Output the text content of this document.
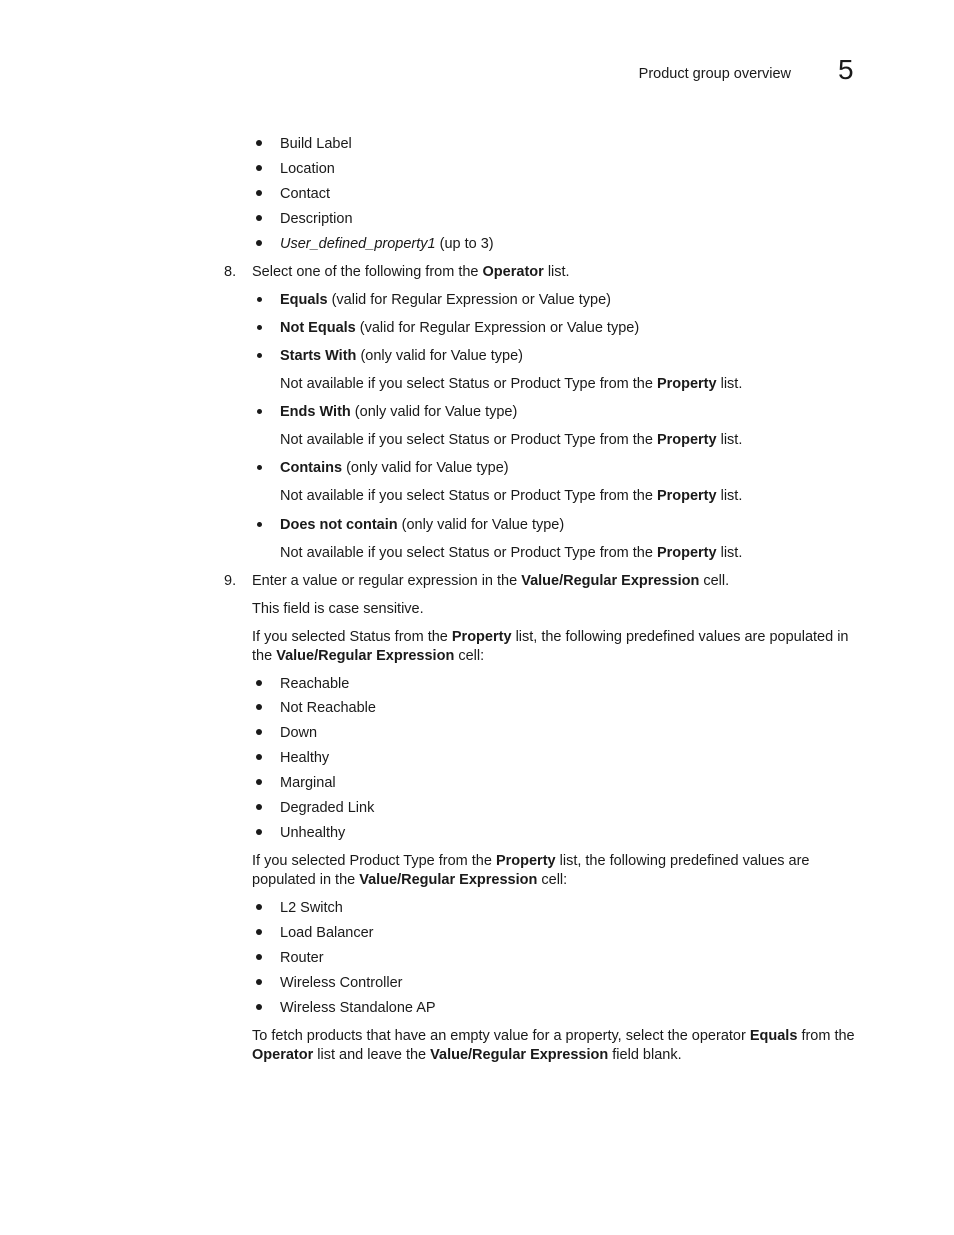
Product group overview 5
Build Label
Location
Contact
Description
User_defined_property1 (up to 3)
8. Select one of the following from the Operator list.
Equals (valid for Regular Expression or Value type)
Not Equals (valid for Regular Expression or Value type)
Starts With (only valid for Value type)
Not available if you select Status or Product Type from the Property list.
Ends With (only valid for Value type)
Not available if you select Status or Product Type from the Property list.
Contains (only valid for Value type)
Not available if you select Status or Product Type from the Property list.
Does not contain (only valid for Value type)
Not available if you select Status or Product Type from the Property list.
9. Enter a value or regular expression in the Value/Regular Expression cell.
This field is case sensitive.
If you selected Status from the Property list, the following predefined values are populated in
the Value/Regular Expression cell:
Reachable
Not Reachable
Down
Healthy
Marginal
Degraded Link
Unhealthy
If you selected Product Type from the Property list, the following predefined values are
populated in the Value/Regular Expression cell:
L2 Switch
Load Balancer
Router
Wireless Controller
Wireless Standalone AP
To fetch products that have an empty value for a property, select the operator Equals from the
Operator list and leave the Value/Regular Expression field blank.
